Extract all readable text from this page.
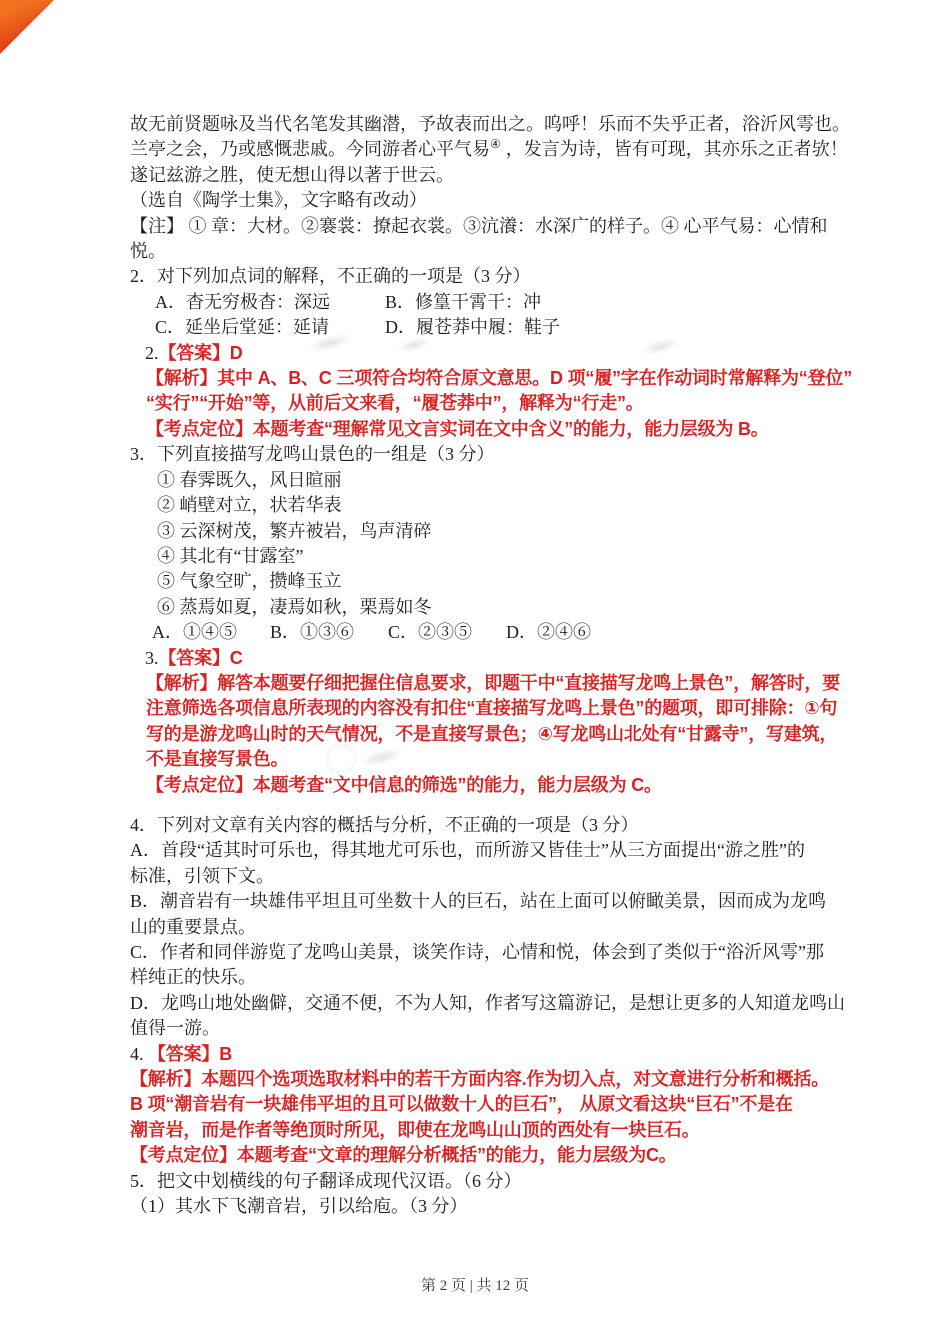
故无前贤题咏及当代名笔发其幽潜，予故表而出之。呜呼！乐而不失乎正者，浴沂风雩也。

兰亭之会，乃或感慨悲戚。今同游者心平气易④ ，发言为诗，皆有可现，其亦乐之正者欤！

遂记兹游之胜，使无想山得以著于世云。

（选自《陶学士集》，文字略有改动）

【注】 ① 章：大材。②褰裳：撩起衣裳。③沆瀁：水深广的样子。④ 心平气易：心情和

悦。

2．对下列加点词的解释，不正确的一项是（3 分）

A．杳无穷极杳：深远	B．修篁干霄干：冲

C．延坐后堂延：延请	D．履苍莽中履：鞋子

2.【答案】D

【解析】其中 A、B、C 三项符合均符合原文意思。D 项“履”字在作动词时常解释为“登位”

“实行”“开始”等，从前后文来看，“履苍莽中”，解释为“行走”。

【考点定位】本题考查“理解常见文言实词在文中含义”的能力，能力层级为 B。

3．下列直接描写龙鸣山景色的一组是（3 分）

① 春霁既久，风日暄丽

② 峭壁对立，状若华表

③ 云深树茂，繁卉被岩，鸟声清碎

④ 其北有“甘露室”

⑤ 气象空旷，攒峰玉立

⑥ 蒸焉如夏，凄焉如秋，栗焉如冬

A．①④⑤ B．①③⑥ C．②③⑤ D．②④⑥

3.【答案】C

【解析】解答本题要仔细把握住信息要求，即题干中“直接描写龙鸣上景色”，解答时，要

注意筛选各项信息所表现的内容没有扣住“直接描写龙鸣上景色”的题项，即可排除：①句

写的是游龙鸣山时的天气情况，不是直接写景色；④写龙鸣山北处有“甘露寺”，写建筑，

不是直接写景色。

【考点定位】本题考查“文中信息的筛选”的能力，能力层级为 C。

4．下列对文章有关内容的概括与分析，不正确的一项是（3 分）

A．首段“适其时可乐也，得其地尤可乐也，而所游又皆佳士”从三方面提出“游之胜”的

标准，引领下文。

B．潮音岩有一块雄伟平坦且可坐数十人的巨石，站在上面可以俯瞰美景，因而成为龙鸣

山的重要景点。

C．作者和同伴游览了龙鸣山美景，谈笑作诗，心情和悦，体会到了类似于“浴沂风雩”那

样纯正的快乐。

D．龙鸣山地处幽僻，交通不便，不为人知，作者写这篇游记，是想让更多的人知道龙鸣山

值得一游。

4. 【答案】B

【解析】本题四个选项选取材料中的若干方面内容.作为切入点，对文意进行分析和概括。

B 项“潮音岩有一块雄伟平坦的且可以做数十人的巨石”， 从原文看这块“巨石”不是在

潮音岩，而是作者等绝顶时所见，即使在龙鸣山山顶的西处有一块巨石。

【考点定位】本题考查“文章的理解分析概括”的能力，能力层级为C。

5．把文中划横线的句子翻译成现代汉语。（6 分）

（1）其水下飞潮音岩，引以给庖。（3 分）

第 2 页 | 共 12 页
